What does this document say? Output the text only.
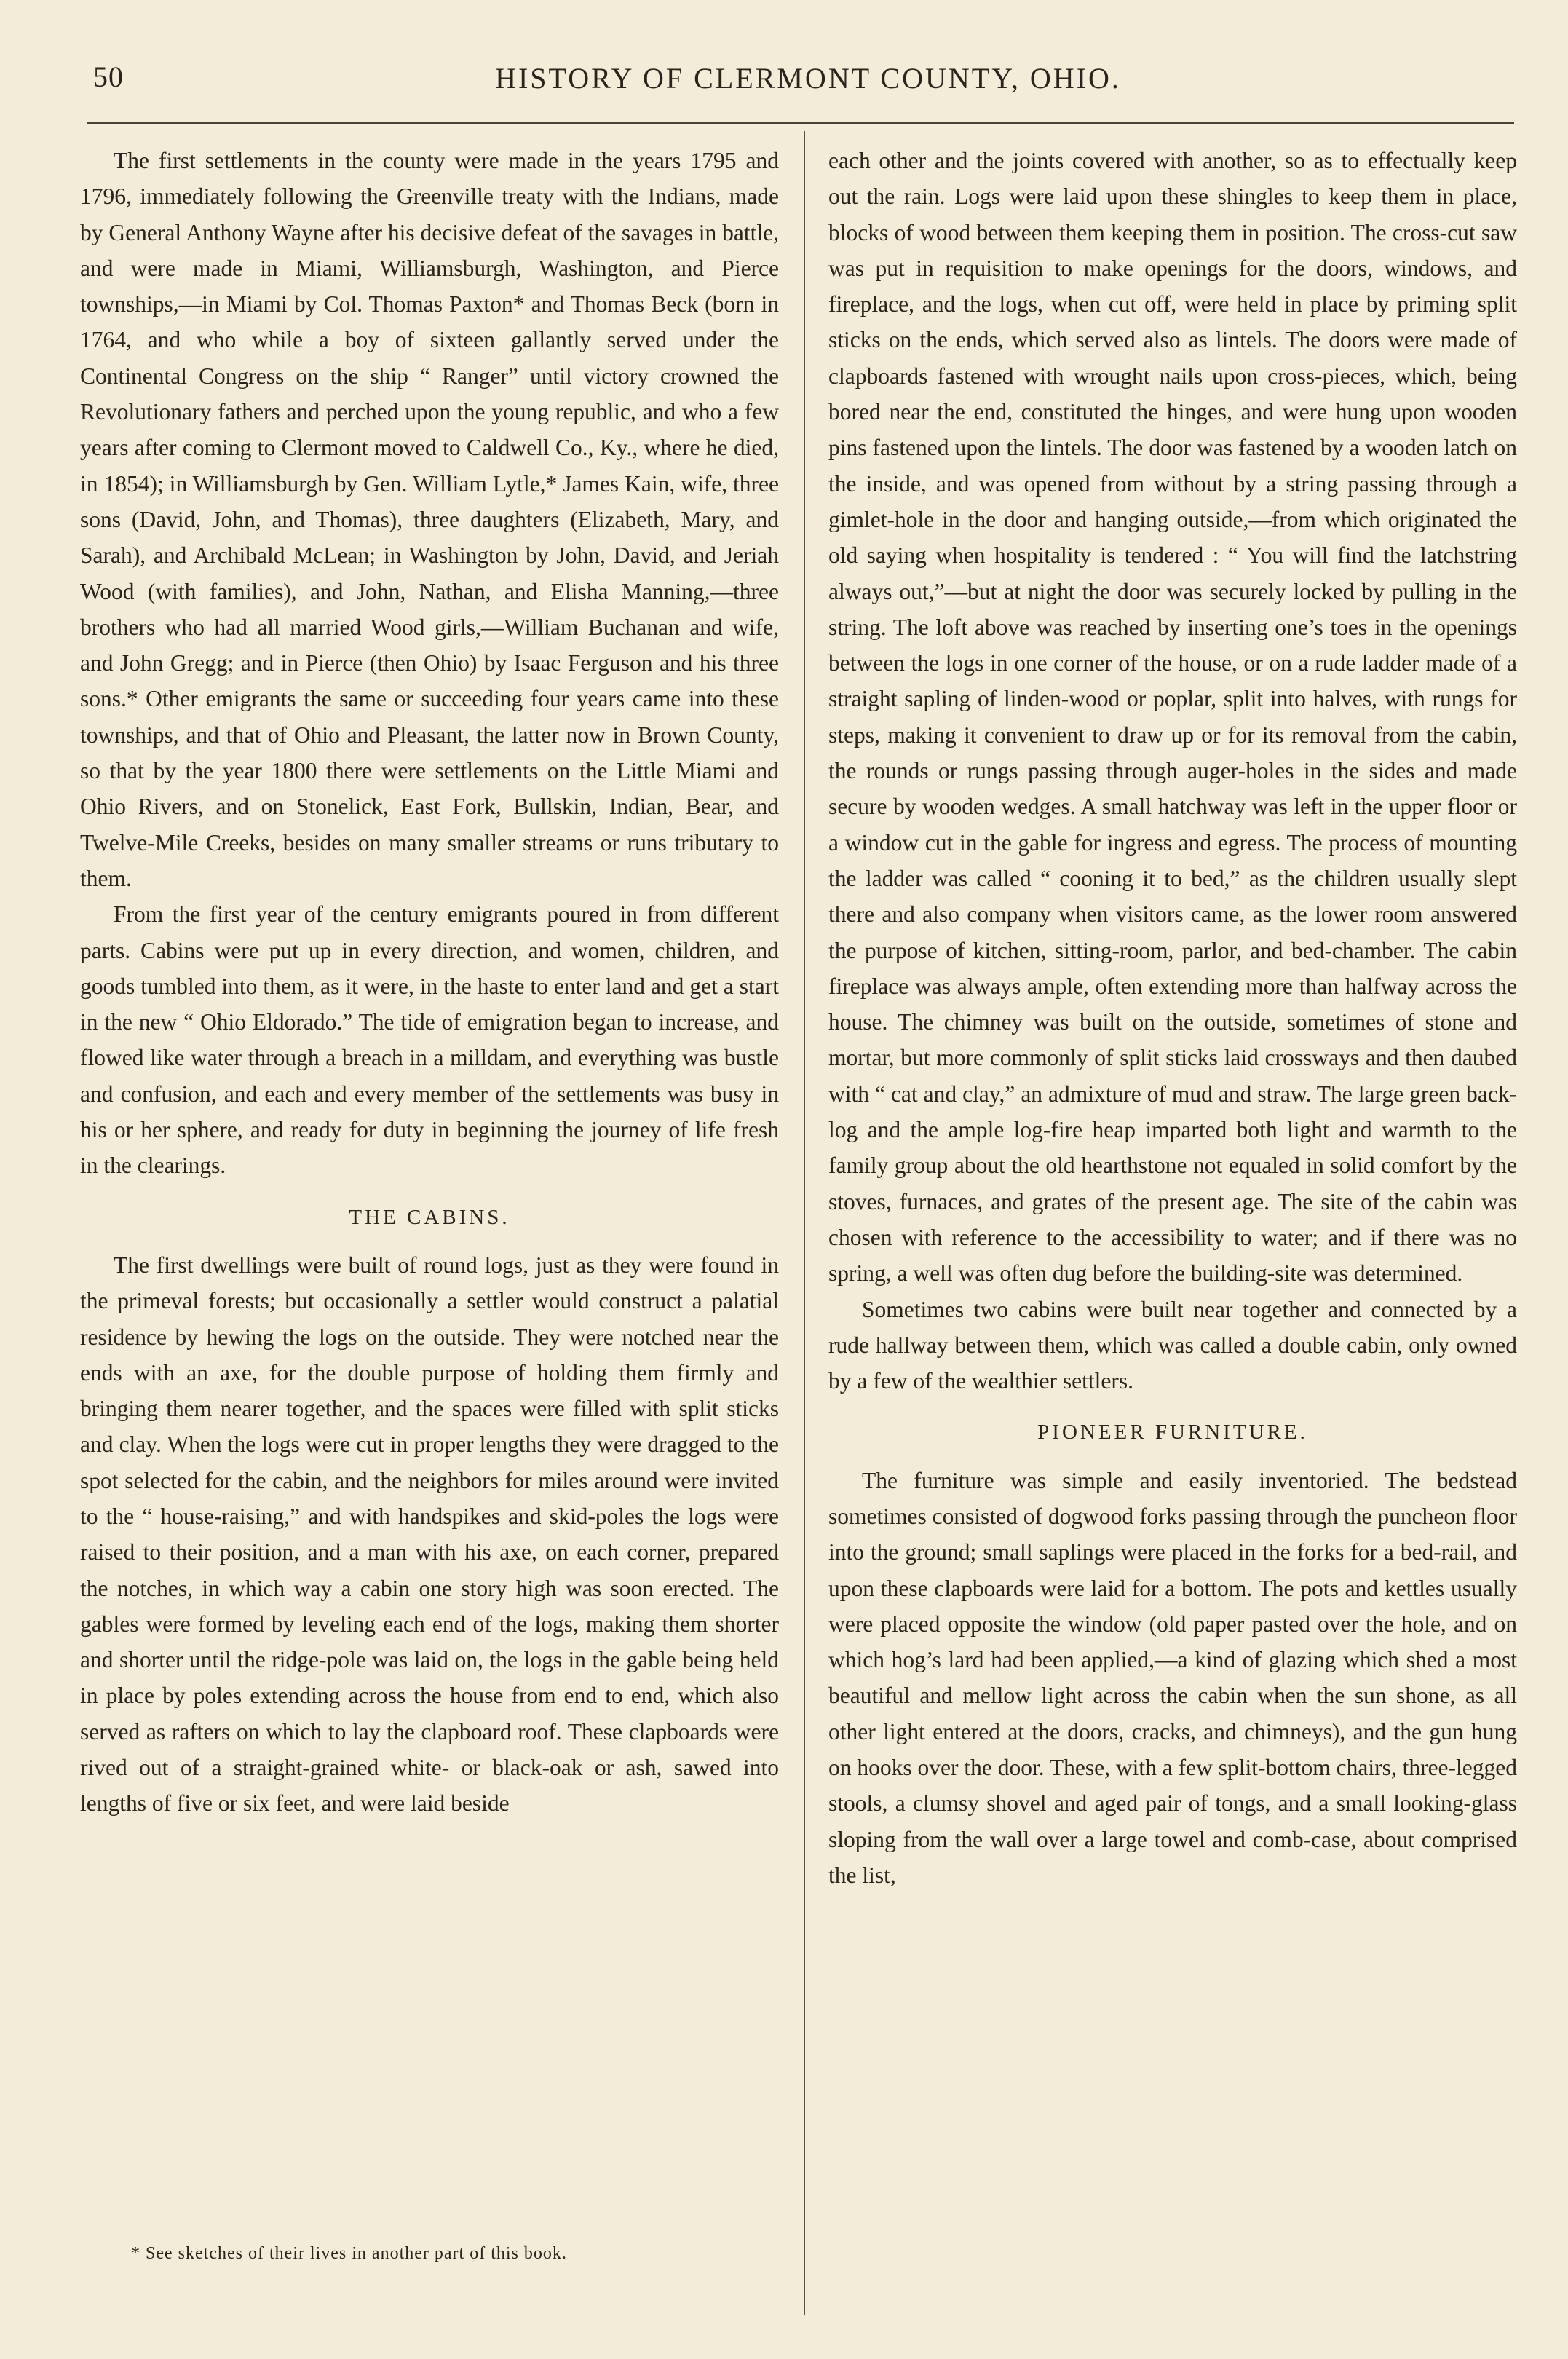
50	HISTORY OF CLERMONT COUNTY, OHIO.

The first settlements in the county were made in the years 1795 and 1796, immediately following the Greenville treaty with the Indians, made by General Anthony Wayne after his decisive defeat of the savages in battle, and were made in Miami, Williamsburgh, Washington, and Pierce townships,—in Miami by Col. Thomas Paxton* and Thomas Beck (born in 1764, and who while a boy of sixteen gallantly served under the Continental Congress on the ship “ Ranger” until victory crowned the Revolutionary fathers and perched upon the young republic, and who a few years after coming to Clermont moved to Caldwell Co., Ky., where he died, in 1854); in Williamsburgh by Gen. William Lytle,* James Kain, wife, three sons (David, John, and Thomas), three daughters (Elizabeth, Mary, and Sarah), and Archibald McLean; in Washington by John, David, and Jeriah Wood (with families), and John, Nathan, and Elisha Manning,—three brothers who had all married Wood girls,—William Buchanan and wife, and John Gregg; and in Pierce (then Ohio) by Isaac Ferguson and his three sons.* Other emigrants the same or succeeding four years came into these townships, and that of Ohio and Pleasant, the latter now in Brown County, so that by the year 1800 there were settlements on the Little Miami and Ohio Rivers, and on Stonelick, East Fork, Bullskin, Indian, Bear, and Twelve-Mile Creeks, besides on many smaller streams or runs tributary to them.

From the first year of the century emigrants poured in from different parts. Cabins were put up in every direction, and women, children, and goods tumbled into them, as it were, in the haste to enter land and get a start in the new “ Ohio Eldorado.” The tide of emigration began to increase, and flowed like water through a breach in a milldam, and everything was bustle and confusion, and each and every member of the settlements was busy in his or her sphere, and ready for duty in beginning the journey of life fresh in the clearings.

THE CABINS.

The first dwellings were built of round logs, just as they were found in the primeval forests; but occasionally a settler would construct a palatial residence by hewing the logs on the outside. They were notched near the ends with an axe, for the double purpose of holding them firmly and bringing them nearer together, and the spaces were filled with split sticks and clay. When the logs were cut in proper lengths they were dragged to the spot selected for the cabin, and the neighbors for miles around were invited to the “ house-raising,” and with handspikes and skid-poles the logs were raised to their position, and a man with his axe, on each corner, prepared the notches, in which way a cabin one story high was soon erected. The gables were formed by leveling each end of the logs, making them shorter and shorter until the ridge-pole was laid on, the logs in the gable being held in place by poles extending across the house from end to end, which also served as rafters on which to lay the clapboard roof. These clapboards were rived out of a straight-grained white- or black-oak or ash, sawed into lengths of five or six feet, and were laid beside

each other and the joints covered with another, so as to effectually keep out the rain. Logs were laid upon these shingles to keep them in place, blocks of wood between them keeping them in position. The cross-cut saw was put in requisition to make openings for the doors, windows, and fireplace, and the logs, when cut off, were held in place by priming split sticks on the ends, which served also as lintels. The doors were made of clapboards fastened with wrought nails upon cross-pieces, which, being bored near the end, constituted the hinges, and were hung upon wooden pins fastened upon the lintels. The door was fastened by a wooden latch on the inside, and was opened from without by a string passing through a gimlet-hole in the door and hanging outside,—from which originated the old saying when hospitality is tendered : “ You will find the latchstring always out,”—but at night the door was securely locked by pulling in the string. The loft above was reached by inserting one’s toes in the openings between the logs in one corner of the house, or on a rude ladder made of a straight sapling of linden-wood or poplar, split into halves, with rungs for steps, making it convenient to draw up or for its removal from the cabin, the rounds or rungs passing through auger-holes in the sides and made secure by wooden wedges. A small hatchway was left in the upper floor or a window cut in the gable for ingress and egress. The process of mounting the ladder was called “ cooning it to bed,” as the children usually slept there and also company when visitors came, as the lower room answered the purpose of kitchen, sitting-room, parlor, and bed-chamber. The cabin fireplace was always ample, often extending more than halfway across the house. The chimney was built on the outside, sometimes of stone and mortar, but more commonly of split sticks laid crossways and then daubed with “ cat and clay,” an admixture of mud and straw. The large green back-log and the ample log-fire heap imparted both light and warmth to the family group about the old hearthstone not equaled in solid comfort by the stoves, furnaces, and grates of the present age. The site of the cabin was chosen with reference to the accessibility to water; and if there was no spring, a well was often dug before the building-site was determined.

Sometimes two cabins were built near together and connected by a rude hallway between them, which was called a double cabin, only owned by a few of the wealthier settlers.

PIONEER FURNITURE.

The furniture was simple and easily inventoried. The bedstead sometimes consisted of dogwood forks passing through the puncheon floor into the ground; small saplings were placed in the forks for a bed-rail, and upon these clapboards were laid for a bottom. The pots and kettles usually were placed opposite the window (old paper pasted over the hole, and on which hog’s lard had been applied,—a kind of glazing which shed a most beautiful and mellow light across the cabin when the sun shone, as all other light entered at the doors, cracks, and chimneys), and the gun hung on hooks over the door. These, with a few split-bottom chairs, three-legged stools, a clumsy shovel and aged pair of tongs, and a small looking-glass sloping from the wall over a large towel and comb-case, about comprised the list,

* See sketches of their lives in another part of this book.
